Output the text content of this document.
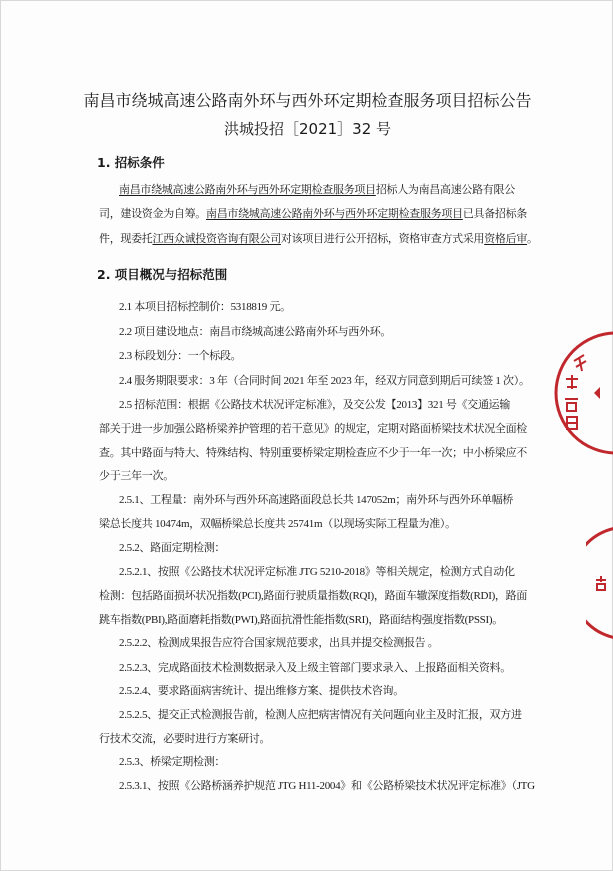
南昌市绕城高速公路南外环与西外环定期检查服务项目招标公告
洪城投招［2021］32 号
1. 招标条件
南昌市绕城高速公路南外环与西外环定期检查服务项目招标人为南昌高速公路有限公
司，建设资金为自筹。南昌市绕城高速公路南外环与西外环定期检查服务项目已具备招标条
件，现委托江西众诚投资咨询有限公司对该项目进行公开招标，资格审查方式采用资格后审。
2. 项目概况与招标范围
2.1 本项目招标控制价：5318819 元。
2.2 项目建设地点：南昌市绕城高速公路南外环与西外环。
2.3 标段划分：一个标段。
2.4 服务期限要求：3 年（合同时间 2021 年至 2023 年，经双方同意到期后可续签 1 次）。
2.5 招标范围：根据《公路技术状况评定标准》，及交公发【2013】321 号《交通运输
部关于进一步加强公路桥梁养护管理的若干意见》的规定，定期对路面桥梁技术状况全面检
查。其中路面与特大、特殊结构、特别重要桥梁定期检查应不少于一年一次；中小桥梁应不
少于三年一次。
2.5.1、工程量：南外环与西外环高速路面段总长共 147052m；南外环与西外环单幅桥
梁总长度共 10474m，双幅桥梁总长度共 25741m（以现场实际工程量为准）。
2.5.2、路面定期检测：
2.5.2.1、按照《公路技术状况评定标准 JTG 5210-2018》等相关规定，检测方式自动化
检测：包括路面损坏状况指数(PCI),路面行驶质量指数(RQI)，路面车辙深度指数(RDI)，路面
跳车指数(PBI),路面磨耗指数(PWI),路面抗滑性能指数(SRI)，路面结构强度指数(PSSI)。
2.5.2.2、检测成果报告应符合国家规范要求，出具并提交检测报告 。
2.5.2.3、完成路面技术检测数据录入及上级主管部门要求录入、上报路面相关资料。
2.5.2.4、要求路面病害统计、提出维修方案、提供技术咨询。
2.5.2.5、提交正式检测报告前，检测人应把病害情况有关问题向业主及时汇报，双方进
行技术交流，必要时进行方案研讨。
2.5.3、桥梁定期检测：
2.5.3.1、按照《公路桥涵养护规范 JTG H11-2004》和《公路桥梁技术状况评定标准》（JTG
